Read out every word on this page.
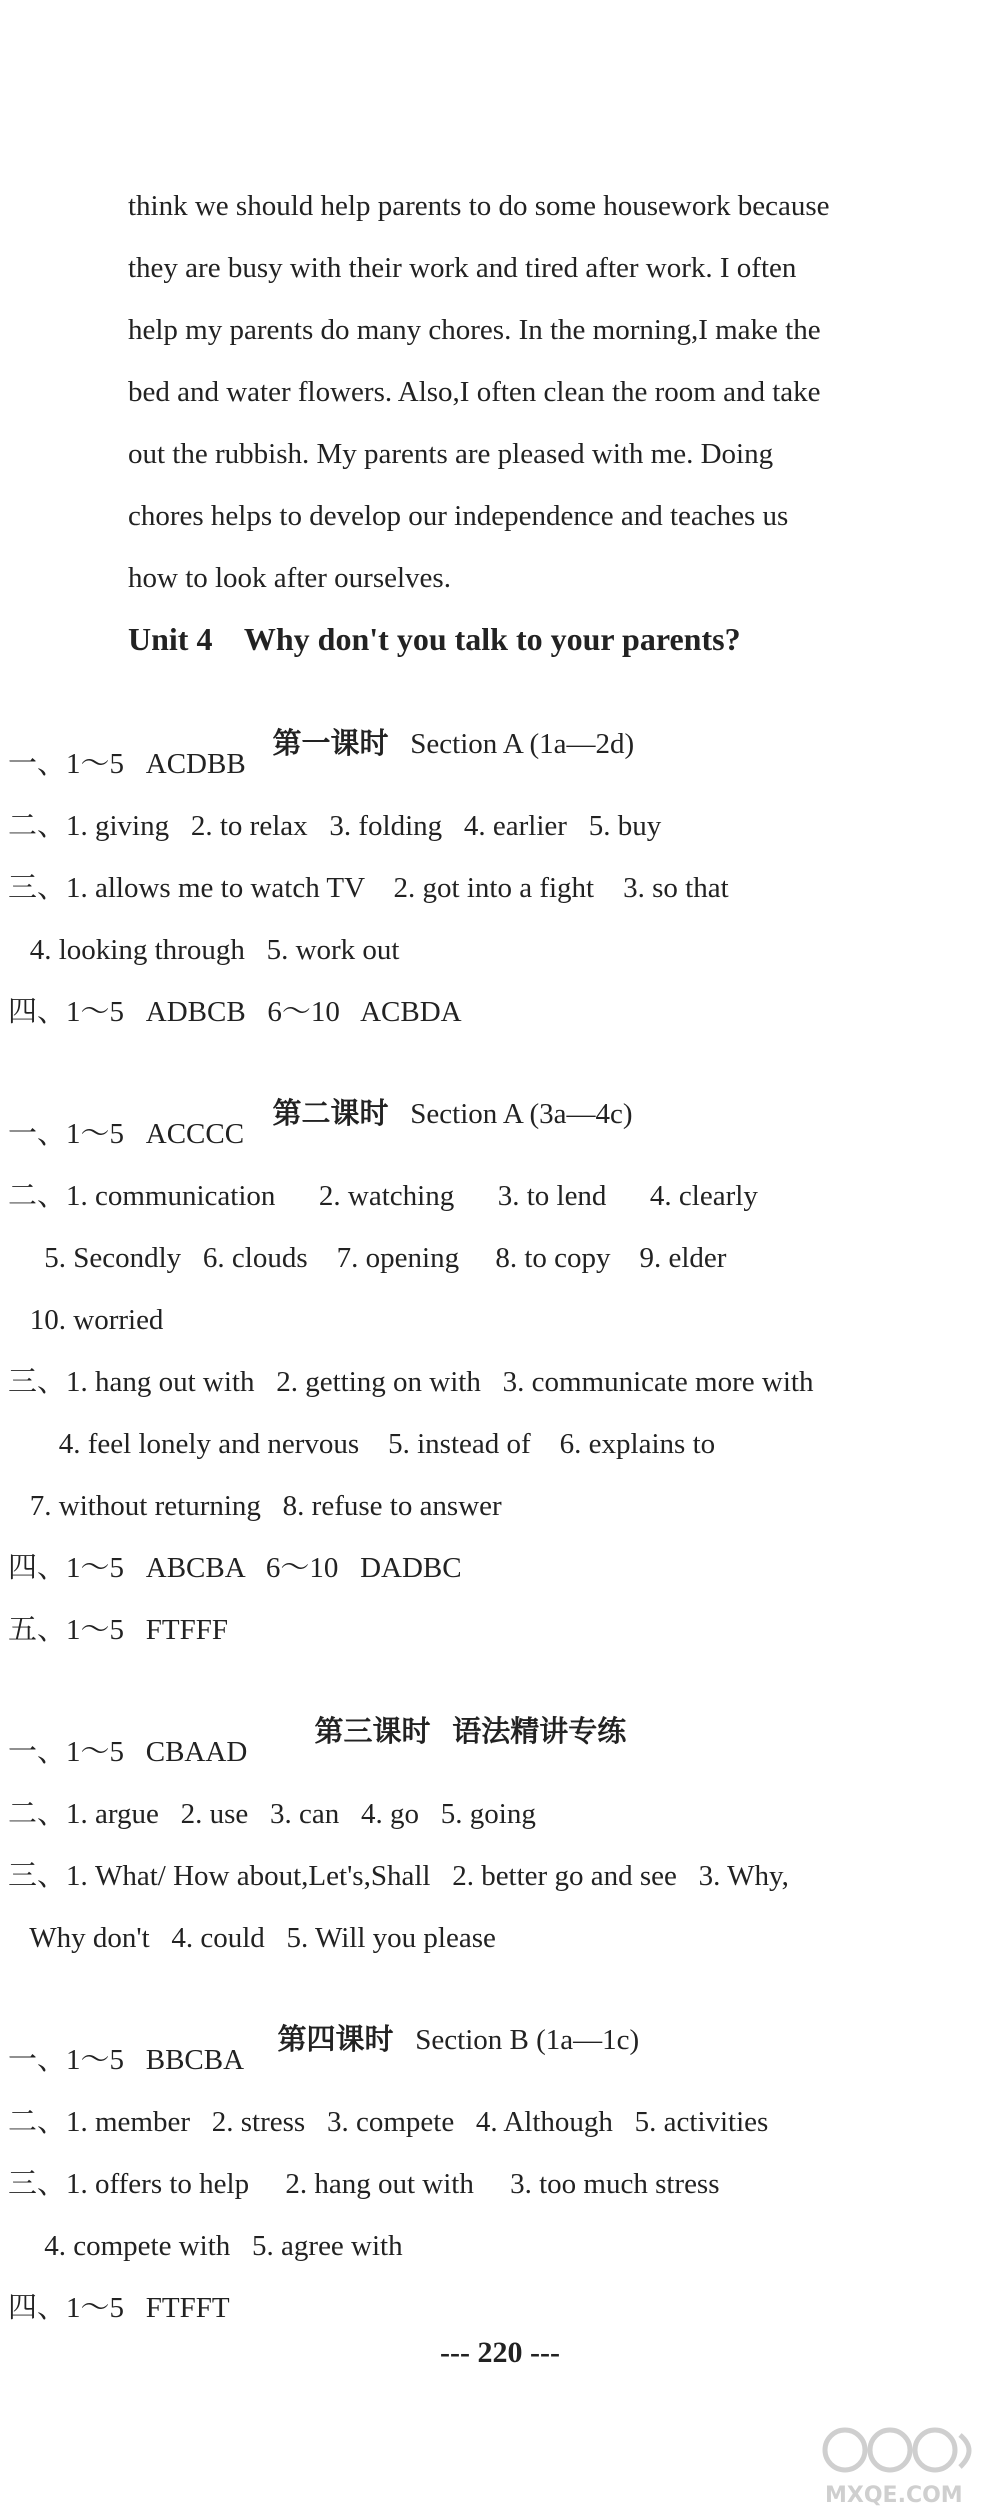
think we should help parents to do some housework because
they are busy with their work and tired after work. I often
help my parents do many chores. In the morning,I make the
bed and water flowers. Also,I often clean the room and take
out the rubbish. My parents are pleased with me. Doing
chores helps to develop our independence and teaches us
how to look after ourselves.
Unit 4    Why don't you talk to your parents?

第一课时 Section A (1a—2d)

一、1～5   ACDBB
二、1. giving   2. to relax   3. folding   4. earlier   5. buy
三、1. allows me to watch TV    2. got into a fight    3. so that
4. looking through   5. work out
四、1～5   ADBCB   6～10   ACBDA

第二课时 Section A (3a—4c)

一、1～5   ACCCC
二、1. communication      2. watching      3. to lend      4. clearly
5. Secondly   6. clouds    7. opening     8. to copy    9. elder
10. worried
三、1. hang out with   2. getting on with   3. communicate more with
4. feel lonely and nervous    5. instead of    6. explains to
7. without returning   8. refuse to answer
四、1～5   ABCBA   6～10   DADBC
五、1～5   FTFFF

第三课时 语法精讲专练

一、1～5   CBAAD
二、1. argue   2. use   3. can   4. go   5. going
三、1. What/ How about,Let's,Shall   2. better go and see   3. Why,
Why don't   4. could   5. Will you please

第四课时 Section B (1a—1c)

一、1～5   BBCBA
二、1. member   2. stress   3. compete   4. Although   5. activities
三、1. offers to help     2. hang out with     3. too much stress
4. compete with   5. agree with
四、1～5   FTFFT
--- 220 ---
MXQE.COM
